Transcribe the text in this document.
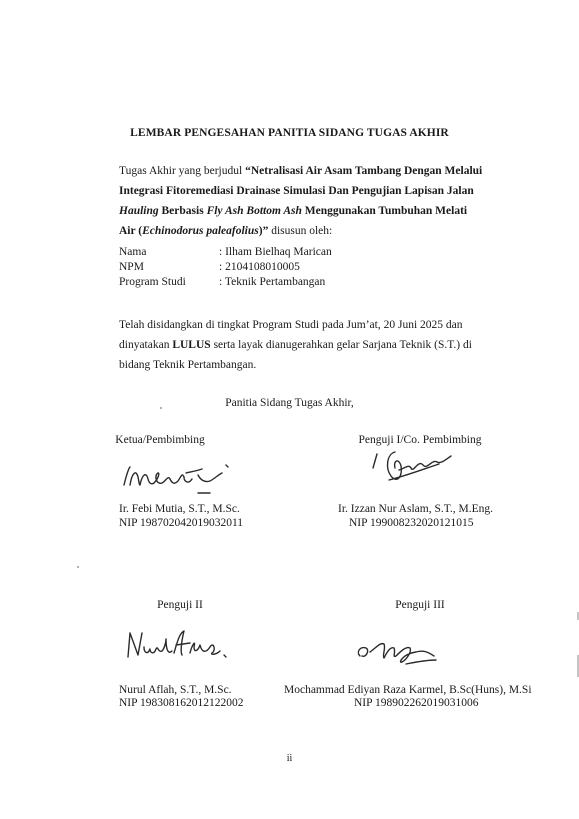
LEMBAR PENGESAHAN PANITIA SIDANG TUGAS AKHIR
Tugas Akhir yang berjudul “Netralisasi Air Asam Tambang Dengan Melalui
Integrasi Fitoremediasi Drainase Simulasi Dan Pengujian Lapisan Jalan
Hauling Berbasis Fly Ash Bottom Ash Menggunakan Tumbuhan Melati
Air (Echinodorus paleafolius)” disusun oleh:
Nama	: Ilham Bielhaq Marican
NPM	: 2104108010005
Program Studi	: Teknik Pertambangan
Telah disidangkan di tingkat Program Studi pada Jum’at, 20 Juni 2025 dan
dinyatakan LULUS serta layak dianugerahkan gelar Sarjana Teknik (S.T.) di
bidang Teknik Pertambangan.
Panitia Sidang Tugas Akhir,
Ketua/Pembimbing
Ir. Febi Mutia, S.T., M.Sc.
NIP 198702042019032011
Penguji I/Co. Pembimbing
Ir. Izzan Nur Aslam, S.T., M.Eng.
NIP 199008232020121015
Penguji II
Nurul Aflah, S.T., M.Sc.
NIP 198308162012122002
Penguji III
Mochammad Ediyan Raza Karmel, B.Sc(Huns), M.Si
NIP 198902262019031006
ii
